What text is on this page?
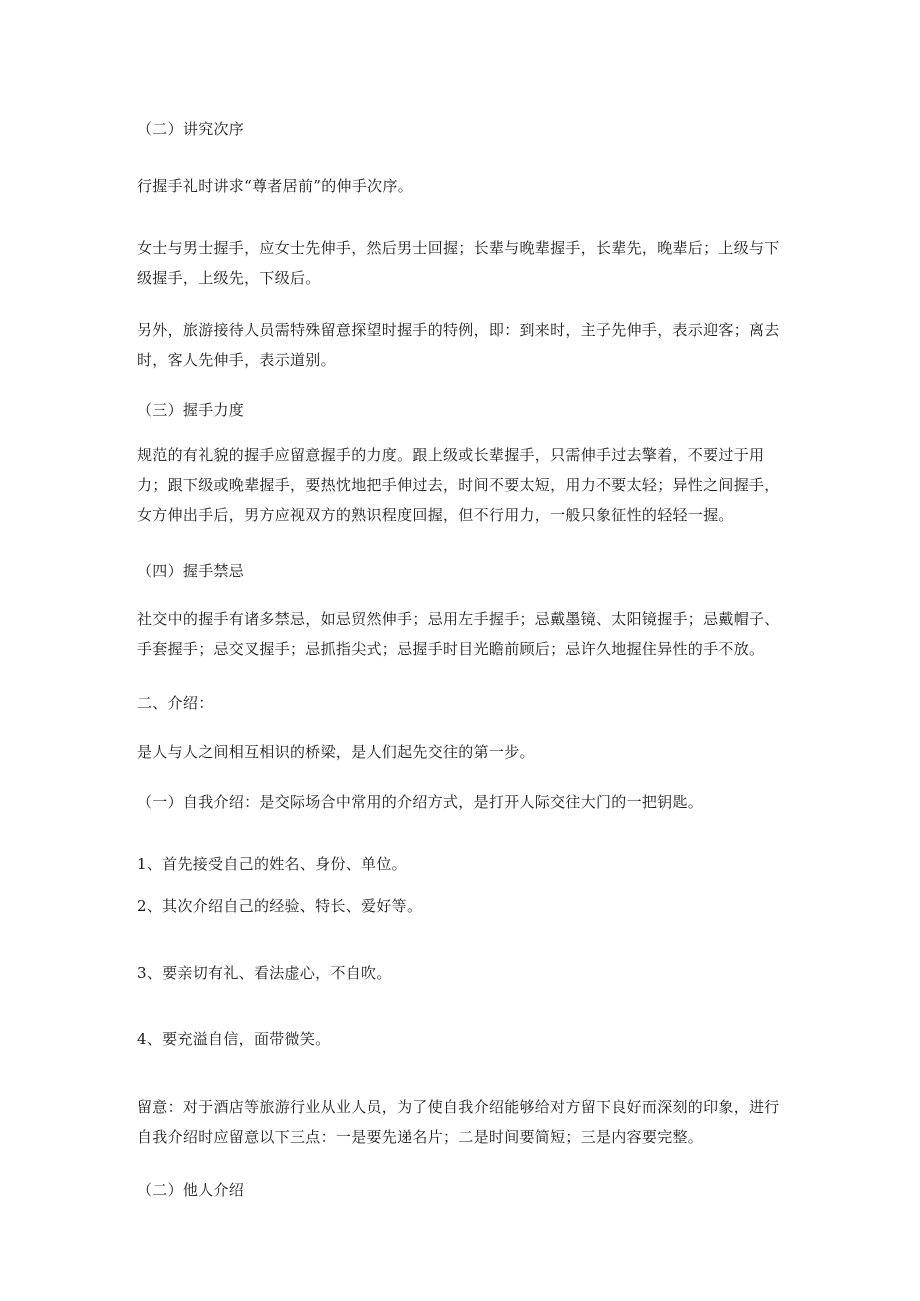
（二）讲究次序

行握手礼时讲求“尊者居前”的伸手次序。

女士与男士握手，应女士先伸手，然后男士回握；长辈与晚辈握手，长辈先，晚辈后；上级与下级握手，上级先，下级后。

另外，旅游接待人员需特殊留意探望时握手的特例，即：到来时，主子先伸手，表示迎客；离去时，客人先伸手，表示道别。

（三）握手力度

规范的有礼貌的握手应留意握手的力度。跟上级或长辈握手，只需伸手过去擎着，不要过于用力；跟下级或晚辈握手，要热忱地把手伸过去，时间不要太短，用力不要太轻；异性之间握手，女方伸出手后，男方应视双方的熟识程度回握，但不行用力，一般只象征性的轻轻一握。

（四）握手禁忌

社交中的握手有诸多禁忌，如忌贸然伸手；忌用左手握手；忌戴墨镜、太阳镜握手；忌戴帽子、手套握手；忌交叉握手；忌抓指尖式；忌握手时目光瞻前顾后；忌许久地握住异性的手不放。

二、介绍：

是人与人之间相互相识的桥梁，是人们起先交往的第一步。

（一）自我介绍：是交际场合中常用的介绍方式，是打开人际交往大门的一把钥匙。

1、首先接受自己的姓名、身份、单位。

2、其次介绍自己的经验、特长、爱好等。

3、要亲切有礼、看法虚心，不自吹。

4、要充溢自信，面带微笑。

留意：对于酒店等旅游行业从业人员，为了使自我介绍能够给对方留下良好而深刻的印象，进行自我介绍时应留意以下三点：一是要先递名片；二是时间要简短；三是内容要完整。

（二）他人介绍
